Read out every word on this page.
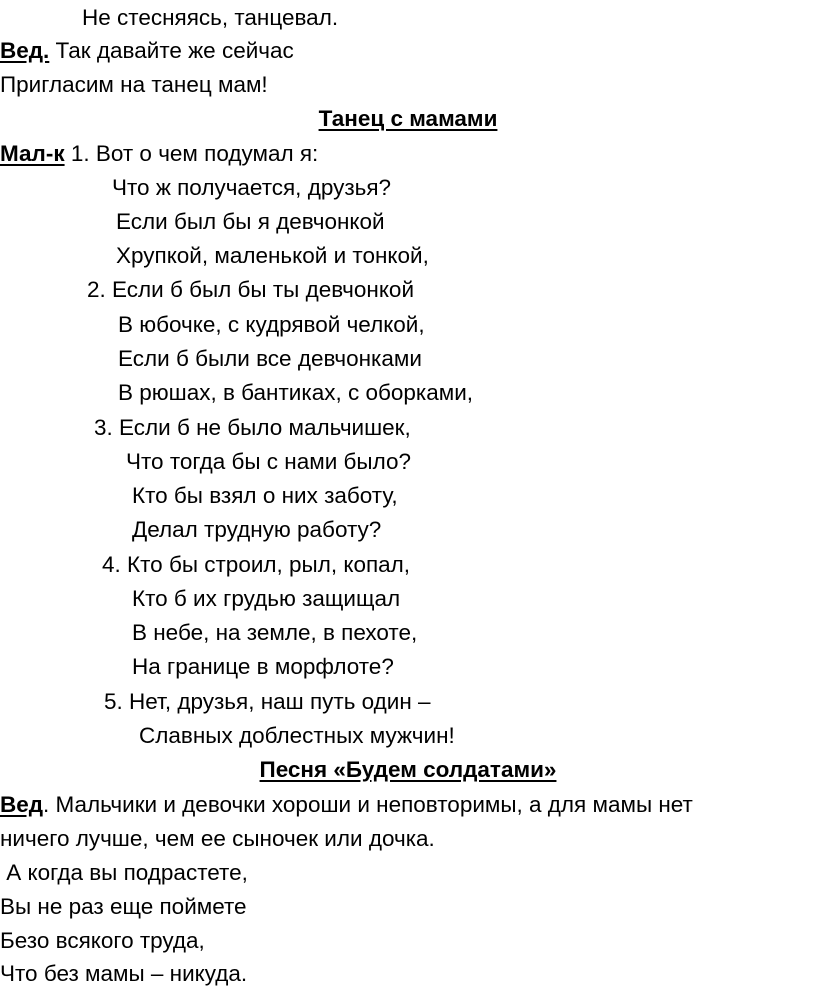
Не стесняясь, танцевал.
Вед. Так давайте же сейчас
Пригласим на танец мам!
Танец с мамами
Мал-к 1. Вот о чем подумал я:
Что ж получается, друзья?
Если был бы я девчонкой
Хрупкой, маленькой и тонкой,
2. Если б был бы ты девчонкой
В юбочке, с кудрявой челкой,
Если б были все девчонками
В рюшах, в бантиках, с оборками,
3. Если б не было мальчишек,
Что тогда бы с нами было?
Кто бы взял о них заботу,
Делал трудную работу?
4. Кто бы строил, рыл, копал,
Кто б их грудью защищал
В небе, на земле, в пехоте,
На границе в морфлоте?
5. Нет, друзья, наш путь один –
Славных доблестных мужчин!
Песня «Будем солдатами»
Вед. Мальчики и девочки хороши и неповторимы, а для мамы нет
ничего лучше, чем ее сыночек или дочка.
А когда вы подрастете,
Вы не раз еще поймете
Безо всякого труда,
Что без мамы – никуда.
